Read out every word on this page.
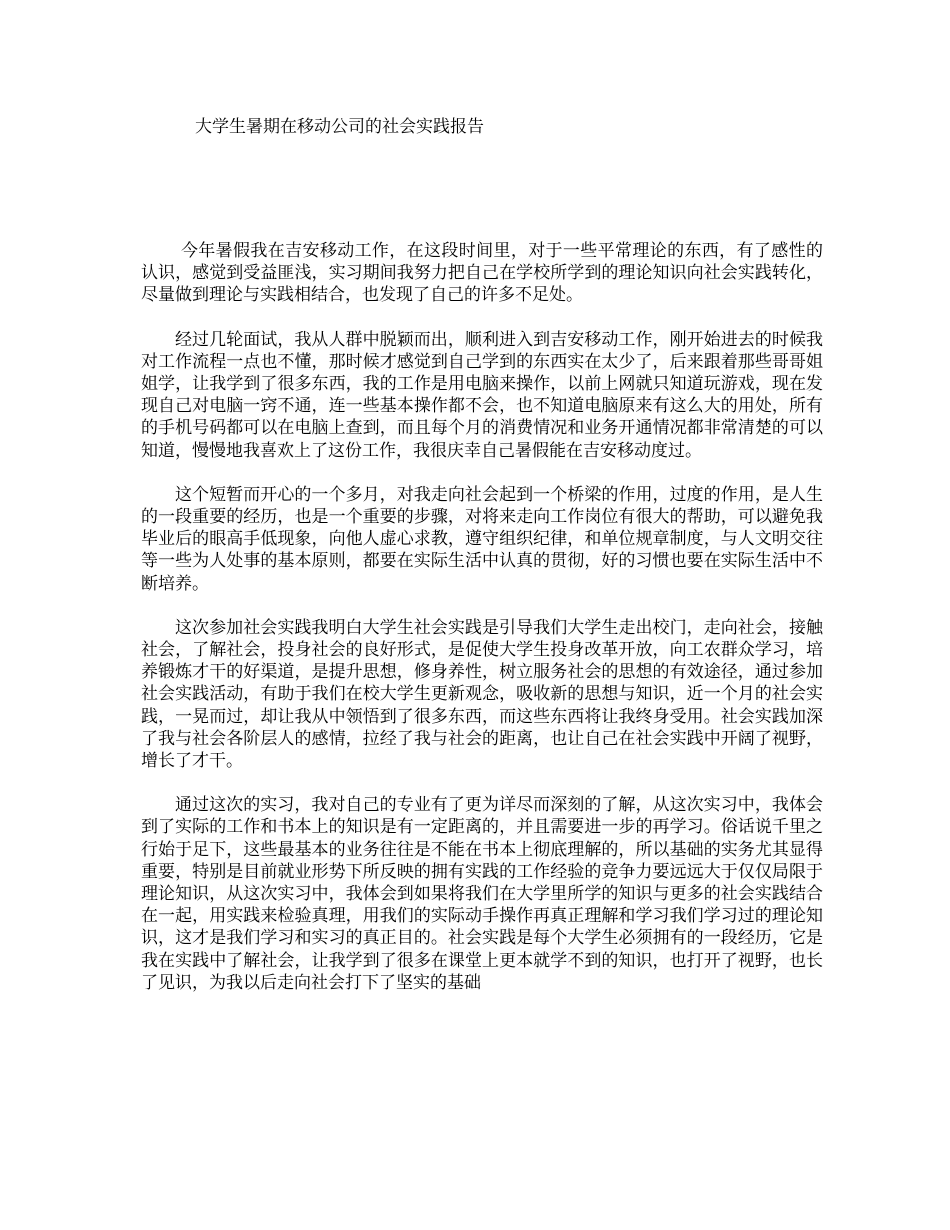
大学生暑期在移动公司的社会实践报告

今年暑假我在吉安移动工作，在这段时间里，对于一些平常理论的东西，有了感性的认识，感觉到受益匪浅，实习期间我努力把自己在学校所学到的理论知识向社会实践转化，尽量做到理论与实践相结合，也发现了自己的许多不足处。

经过几轮面试，我从人群中脱颖而出，顺利进入到吉安移动工作，刚开始进去的时候我对工作流程一点也不懂，那时候才感觉到自己学到的东西实在太少了，后来跟着那些哥哥姐姐学，让我学到了很多东西，我的工作是用电脑来操作，以前上网就只知道玩游戏，现在发现自己对电脑一窍不通，连一些基本操作都不会，也不知道电脑原来有这么大的用处，所有的手机号码都可以在电脑上查到，而且每个月的消费情况和业务开通情况都非常清楚的可以知道，慢慢地我喜欢上了这份工作，我很庆幸自己暑假能在吉安移动度过。

这个短暂而开心的一个多月，对我走向社会起到一个桥梁的作用，过度的作用，是人生的一段重要的经历，也是一个重要的步骤，对将来走向工作岗位有很大的帮助，可以避免我毕业后的眼高手低现象，向他人虚心求教，遵守组织纪律，和单位规章制度，与人文明交往等一些为人处事的基本原则，都要在实际生活中认真的贯彻，好的习惯也要在实际生活中不断培养。

这次参加社会实践我明白大学生社会实践是引导我们大学生走出校门，走向社会，接触社会，了解社会，投身社会的良好形式，是促使大学生投身改革开放，向工农群众学习，培养锻炼才干的好渠道，是提升思想，修身养性，树立服务社会的思想的有效途径，通过参加社会实践活动，有助于我们在校大学生更新观念，吸收新的思想与知识，近一个月的社会实践，一晃而过，却让我从中领悟到了很多东西，而这些东西将让我终身受用。社会实践加深了我与社会各阶层人的感情，拉经了我与社会的距离，也让自己在社会实践中开阔了视野，增长了才干。

通过这次的实习，我对自己的专业有了更为详尽而深刻的了解，从这次实习中，我体会到了实际的工作和书本上的知识是有一定距离的，并且需要进一步的再学习。俗话说千里之行始于足下，这些最基本的业务往往是不能在书本上彻底理解的，所以基础的实务尤其显得重要，特别是目前就业形势下所反映的拥有实践的工作经验的竞争力要远远大于仅仅局限于理论知识，从这次实习中，我体会到如果将我们在大学里所学的知识与更多的社会实践结合在一起，用实践来检验真理，用我们的实际动手操作再真正理解和学习我们学习过的理论知识，这才是我们学习和实习的真正目的。社会实践是每个大学生必须拥有的一段经历，它是我在实践中了解社会，让我学到了很多在课堂上更本就学不到的知识，也打开了视野，也长了见识，为我以后走向社会打下了坚实的基础
